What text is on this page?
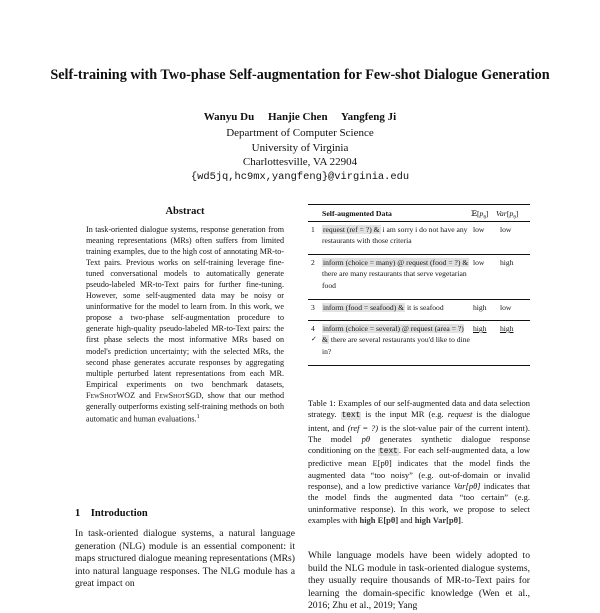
Self-training with Two-phase Self-augmentation for Few-shot Dialogue Generation
Wanyu Du Hanjie Chen Yangfeng Ji
Department of Computer Science
University of Virginia
Charlottesville, VA 22904
{wd5jq,hc9mx,yangfeng}@virginia.edu
Abstract
In task-oriented dialogue systems, response generation from meaning representations (MRs) often suffers from limited training examples, due to the high cost of annotating MR-to-Text pairs. Previous works on self-training leverage fine-tuned conversational models to automatically generate pseudo-labeled MR-to-Text pairs for further fine-tuning. However, some self-augmented data may be noisy or uninformative for the model to learn from. In this work, we propose a two-phase self-augmentation procedure to generate high-quality pseudo-labeled MR-to-Text pairs: the first phase selects the most informative MRs based on model's prediction uncertainty; with the selected MRs, the second phase generates accurate responses by aggregating multiple perturbed latent representations from each MR. Empirical experiments on two benchmark datasets, FewShotWOZ and FewShotSGD, show that our method generally outperforms existing self-training methods on both automatic and human evaluations.$^1$
1 Introduction
In task-oriented dialogue systems, a natural language generation (NLG) module is an essential component: it maps structured dialogue meaning representations (MRs) into natural language responses. The NLG module has a great impact on
Self-augmented Data	$𝔼[p_\theta]$ $Var[p_\theta]$
1 request (ref = ?) & i am sorry i do not have any restaurants with those criteria
low low
2 inform (choice = many) @ request (food = ?) & there are many restaurants that serve vegetarian food
low high
3 inform (food = seafood) & it is seafood	high low
4
✓
inform (choice = several) @ request (area = ?) & there are several restaurants you'd like to dine in?
high high
Table 1: Examples of our self-augmented data and data selection strategy. text is the input MR (e.g. request is the dialogue intent, and (ref = ?) is the slot-value pair of the current intent). The model pθ generates synthetic dialogue response conditioning on the text. For each self-augmented data, a low predictive mean E[pθ] indicates that the model finds the augmented data “too noisy” (e.g. out-of-domain or invalid response), and a low predictive variance Var[pθ] indicates that the model finds the augmented data “too certain” (e.g. uninformative response). In this work, we propose to select examples with high E[pθ] and high Var[pθ].
While language models have been widely adopted to build the NLG module in task-oriented dialogue systems, they usually require thousands of MR-to-Text pairs for learning the domain-specific knowledge (Wen et al., 2016; Zhu et al., 2019; Yang
